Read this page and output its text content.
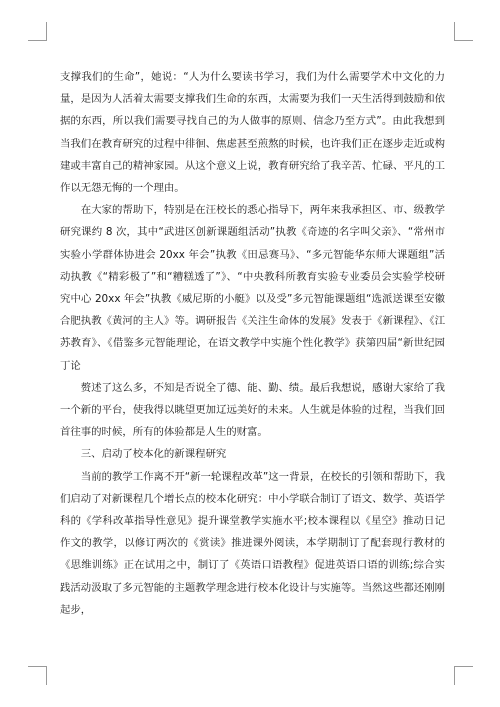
支撑我们的生命”，她说：“人为什么要读书学习，我们为什么需要学术中文化的力量，是因为人活着太需要支撑我们生命的东西，太需要为我们一天生活得到鼓励和依据的东西，所以我们需要寻找自己的为人做事的原则、信念乃至方式”。由此我想到当我们在教育研究的过程中徘徊、焦虑甚至煎熬的时候，也许我们正在逐步走近或构建或丰富自己的精神家园。从这个意义上说，教育研究给了我辛苦、忙碌、平凡的工作以无怨无悔的一个理由。

在大家的帮助下，特别是在汪校长的悉心指导下，两年来我承担区、市、级教学研究课约 8 次，其中“武进区创新课题组活动”执教《奇迹的名字叫父亲》、“常州市实验小学群体协进会 20xx 年会”执教《田忌赛马》、“多元智能华东师大课题组”活动执教《“精彩极了”和“糟糕透了”》、“中央教科所教育实验专业委员会实验学校研究中心 20xx 年会”执教《威尼斯的小艇》以及受”多元智能课题组“选派送课至安徽合肥执教《黄河的主人》等。调研报告《关注生命体的发展》发表于《新课程》、《江苏教育》、《借鉴多元智能理论，在语文教学中实施个性化教学》获第四届“新世纪园丁论

赘述了这么多，不知是否说全了德、能、勤、绩。最后我想说，感谢大家给了我一个新的平台，使我得以眺望更加辽远美好的未来。人生就是体验的过程，当我们回首往事的时候，所有的体验都是人生的财富。

三、启动了校本化的新课程研究

当前的教学工作离不开“新一轮课程改革”这一背景，在校长的引领和帮助下，我们启动了对新课程几个增长点的校本化研究：中小学联合制订了语文、数学、英语学科的《学科改革指导性意见》提升课堂教学实施水平;校本课程以《星空》推动日记作文的教学，以修订两次的《赏读》推进课外阅读，本学期制订了配套现行教材的《思维训练》正在试用之中，制订了《英语口语教程》促进英语口语的训练;综合实践活动汲取了多元智能的主题教学理念进行校本化设计与实施等。当然这些都还刚刚起步，
